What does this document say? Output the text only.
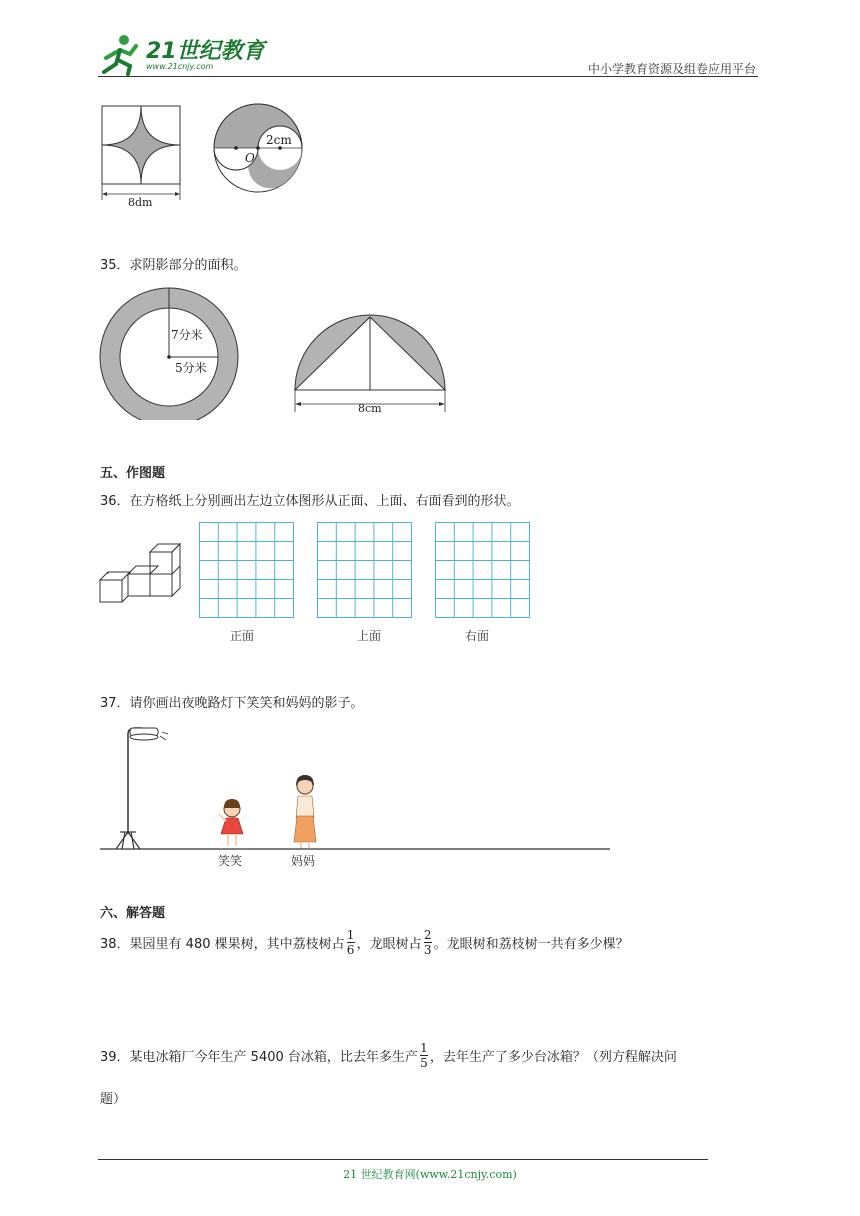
21世纪教育
www.21cnjy.com	中小学教育资源及组卷应用平台
8dm
2cm
O
35．求阴影部分的面积。
7分米
5分米
8cm
五、作图题
36．在方格纸上分别画出左边立体图形从正面、上面、右面看到的形状。
正面	上面	右面
37．请你画出夜晚路灯下笑笑和妈妈的影子。
笑笑	妈妈
六、解答题
38．果园里有 480 棵果树，其中荔枝树占 $\frac{1}{6}$ ，龙眼树占 $\frac{2}{3}$ 。龙眼树和荔枝树一共有多少棵？
39．某电冰箱厂今年生产 5400 台冰箱，比去年多生产 $\frac{1}{5}$ ，去年生产了多少台冰箱？（列方程解决问
题）
21 世纪教育网(www.21cnjy.com)
